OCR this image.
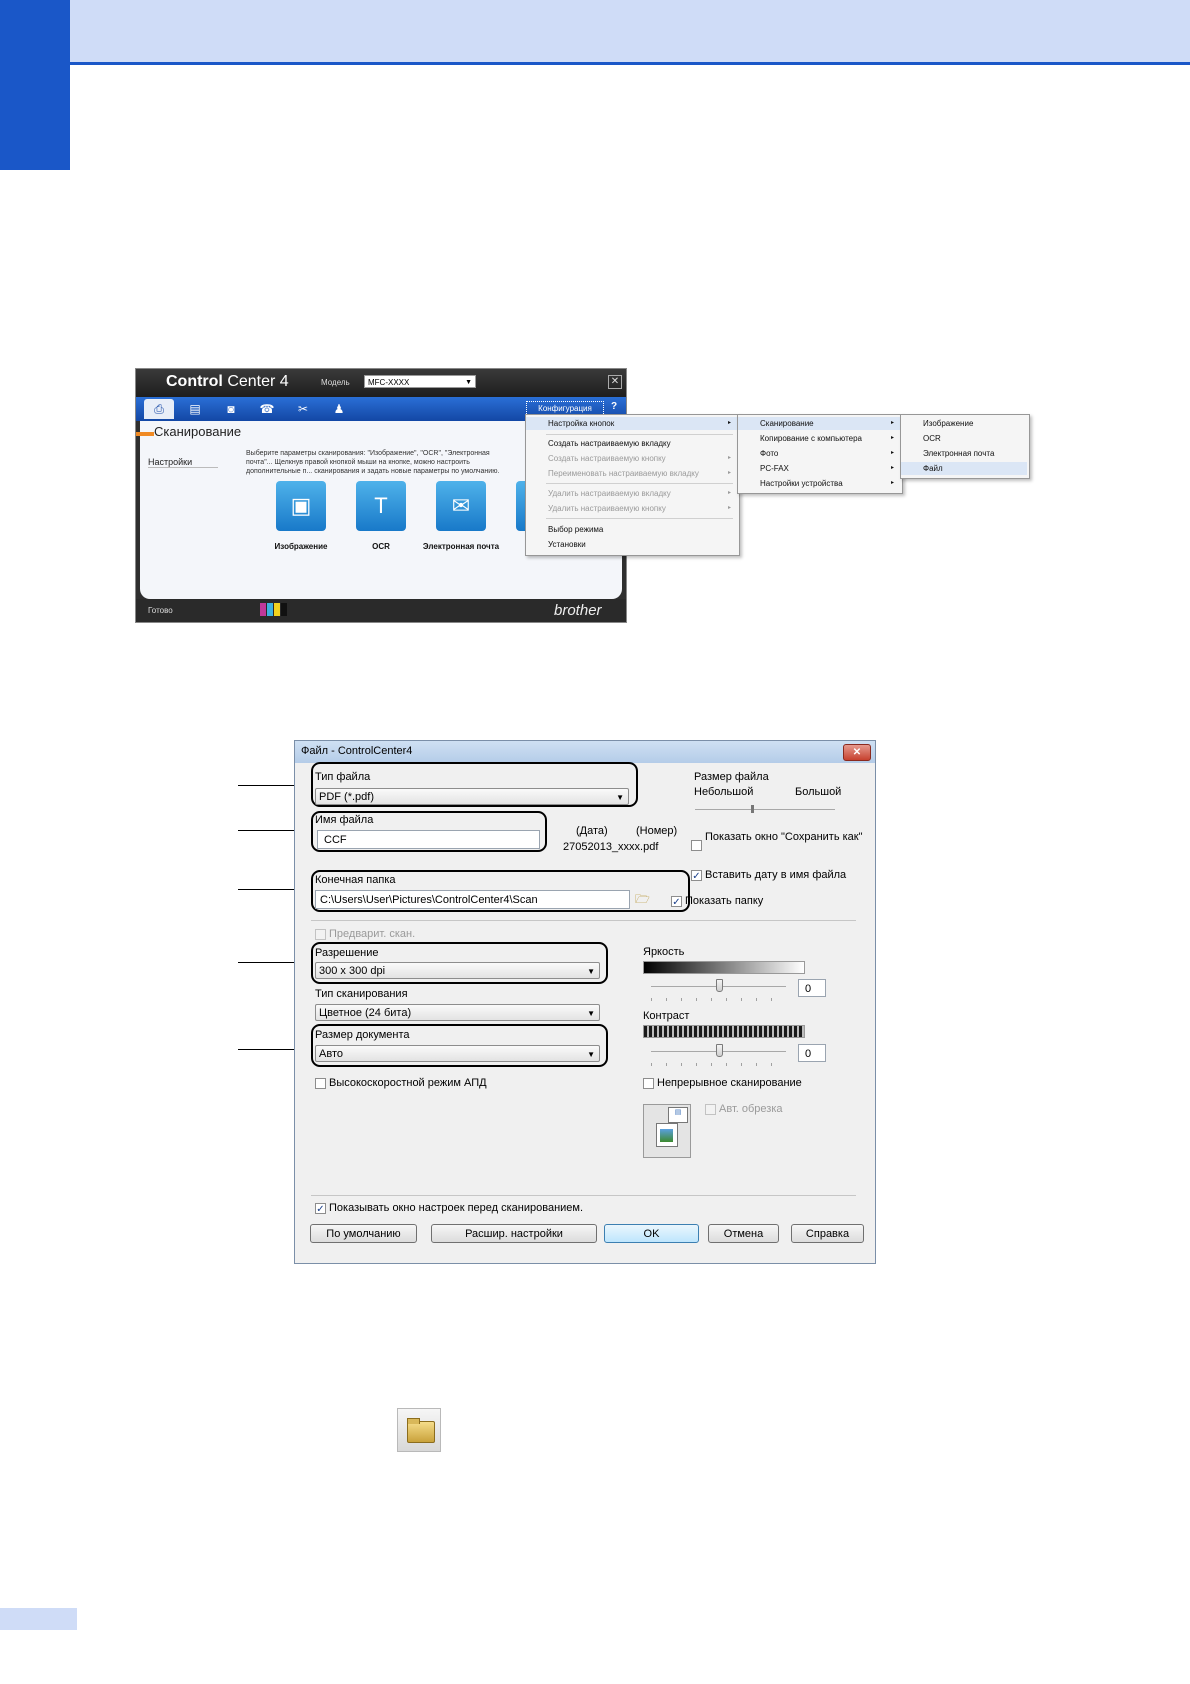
Control Center 4	Модель	MFC-XXXX	▼	✕
⎙	▤	◙	☎	✂	♟	Конфигурация	?
Сканирование
Настройки
Выберите параметры сканирования: "Изображение", "OCR", "Электронная почта"... Щелкнув правой кнопкой мыши на кнопке, можно настроить дополнительные п... сканирования и задать новые параметры по умолчанию.
▣
Изображение
T
OCR
✉
Электронная почта
Готово	brother
Настройка кнопок	▸
Создать настраиваемую вкладку
Создать настраиваемую кнопку	▸
Переименовать настраиваемую вкладку	▸
Удалить настраиваемую вкладку	▸
Удалить настраиваемую кнопку	▸
Выбор режима
Установки
Сканирование	▸
Копирование с компьютера	▸
Фото	▸
PC-FAX	▸
Настройки устройства	▸
Изображение
OCR
Электронная почта
Файл
Файл - ControlCenter4	✕
Тип файла
PDF (*.pdf)	▼
Размер файла
Небольшой	Большой
Имя файла
CCF
(Дата)	(Номер)
27052013_xxxx.pdf
Показать окно "Сохранить как"
✓ Вставить дату в имя файла
Конечная папка
C:\Users\User\Pictures\ControlCenter4\Scan	🗁 ✓ Показать папку
Предварит. скан.
Разрешение
300 x 300 dpi	▼
Тип сканирования
Цветное (24 бита)	▼
Размер документа
Авто	▼
Высокоскоростной режим АПД
Яркость
0
Контраст
0
Непрерывное сканирование
▤	Авт. обрезка
✓ Показывать окно настроек перед сканированием.
По умолчанию	Расшир. настройки	OK	Отмена	Справка
